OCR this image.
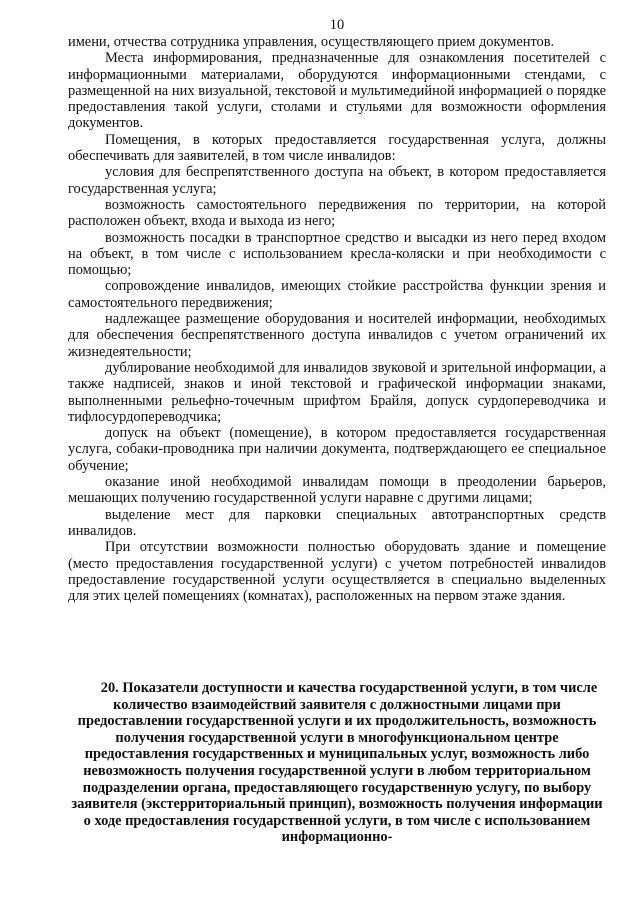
10

имени, отчества сотрудника управления, осуществляющего прием документов.

Места информирования, предназначенные для ознакомления посетителей с информационными материалами, оборудуются информационными стендами, с размещенной на них визуальной, текстовой и мультимедийной информацией о порядке предоставления такой услуги, столами и стульями для возможности оформления документов.

Помещения, в которых предоставляется государственная услуга, должны обеспечивать для заявителей, в том числе инвалидов:

условия для беспрепятственного доступа на объект, в котором предоставляется государственная услуга;

возможность самостоятельного передвижения по территории, на которой расположен объект, входа и выхода из него;

возможность посадки в транспортное средство и высадки из него перед входом на объект, в том числе с использованием кресла-коляски и при необходимости с помощью;

сопровождение инвалидов, имеющих стойкие расстройства функции зрения и самостоятельного передвижения;

надлежащее размещение оборудования и носителей информации, необходимых для обеспечения беспрепятственного доступа инвалидов с учетом ограничений их жизнедеятельности;

дублирование необходимой для инвалидов звуковой и зрительной информации, а также надписей, знаков и иной текстовой и графической информации знаками, выполненными рельефно-точечным шрифтом Брайля, допуск сурдопереводчика и тифлосурдопереводчика;

допуск на объект (помещение), в котором предоставляется государственная услуга, собаки-проводника при наличии документа, подтверждающего ее специальное обучение;

оказание иной необходимой инвалидам помощи в преодолении барьеров, мешающих получению государственной услуги наравне с другими лицами;

выделение мест для парковки специальных автотранспортных средств инвалидов.

При отсутствии возможности полностью оборудовать здание и помещение (место предоставления государственной услуги) с учетом потребностей инвалидов предоставление государственной услуги осуществляется в специально выделенных для этих целей помещениях (комнатах), расположенных на первом этаже здания.

20. Показатели доступности и качества государственной услуги, в том числе количество взаимодействий заявителя с должностными лицами при предоставлении государственной услуги и их продолжительность, возможность получения государственной услуги в многофункциональном центре предоставления государственных и муниципальных услуг, возможность либо невозможность получения государственной услуги в любом территориальном подразделении органа, предоставляющего государственную услугу, по выбору заявителя (экстерриториальный принцип), возможность получения информации о ходе предоставления государственной услуги, в том числе с использованием информационно-
